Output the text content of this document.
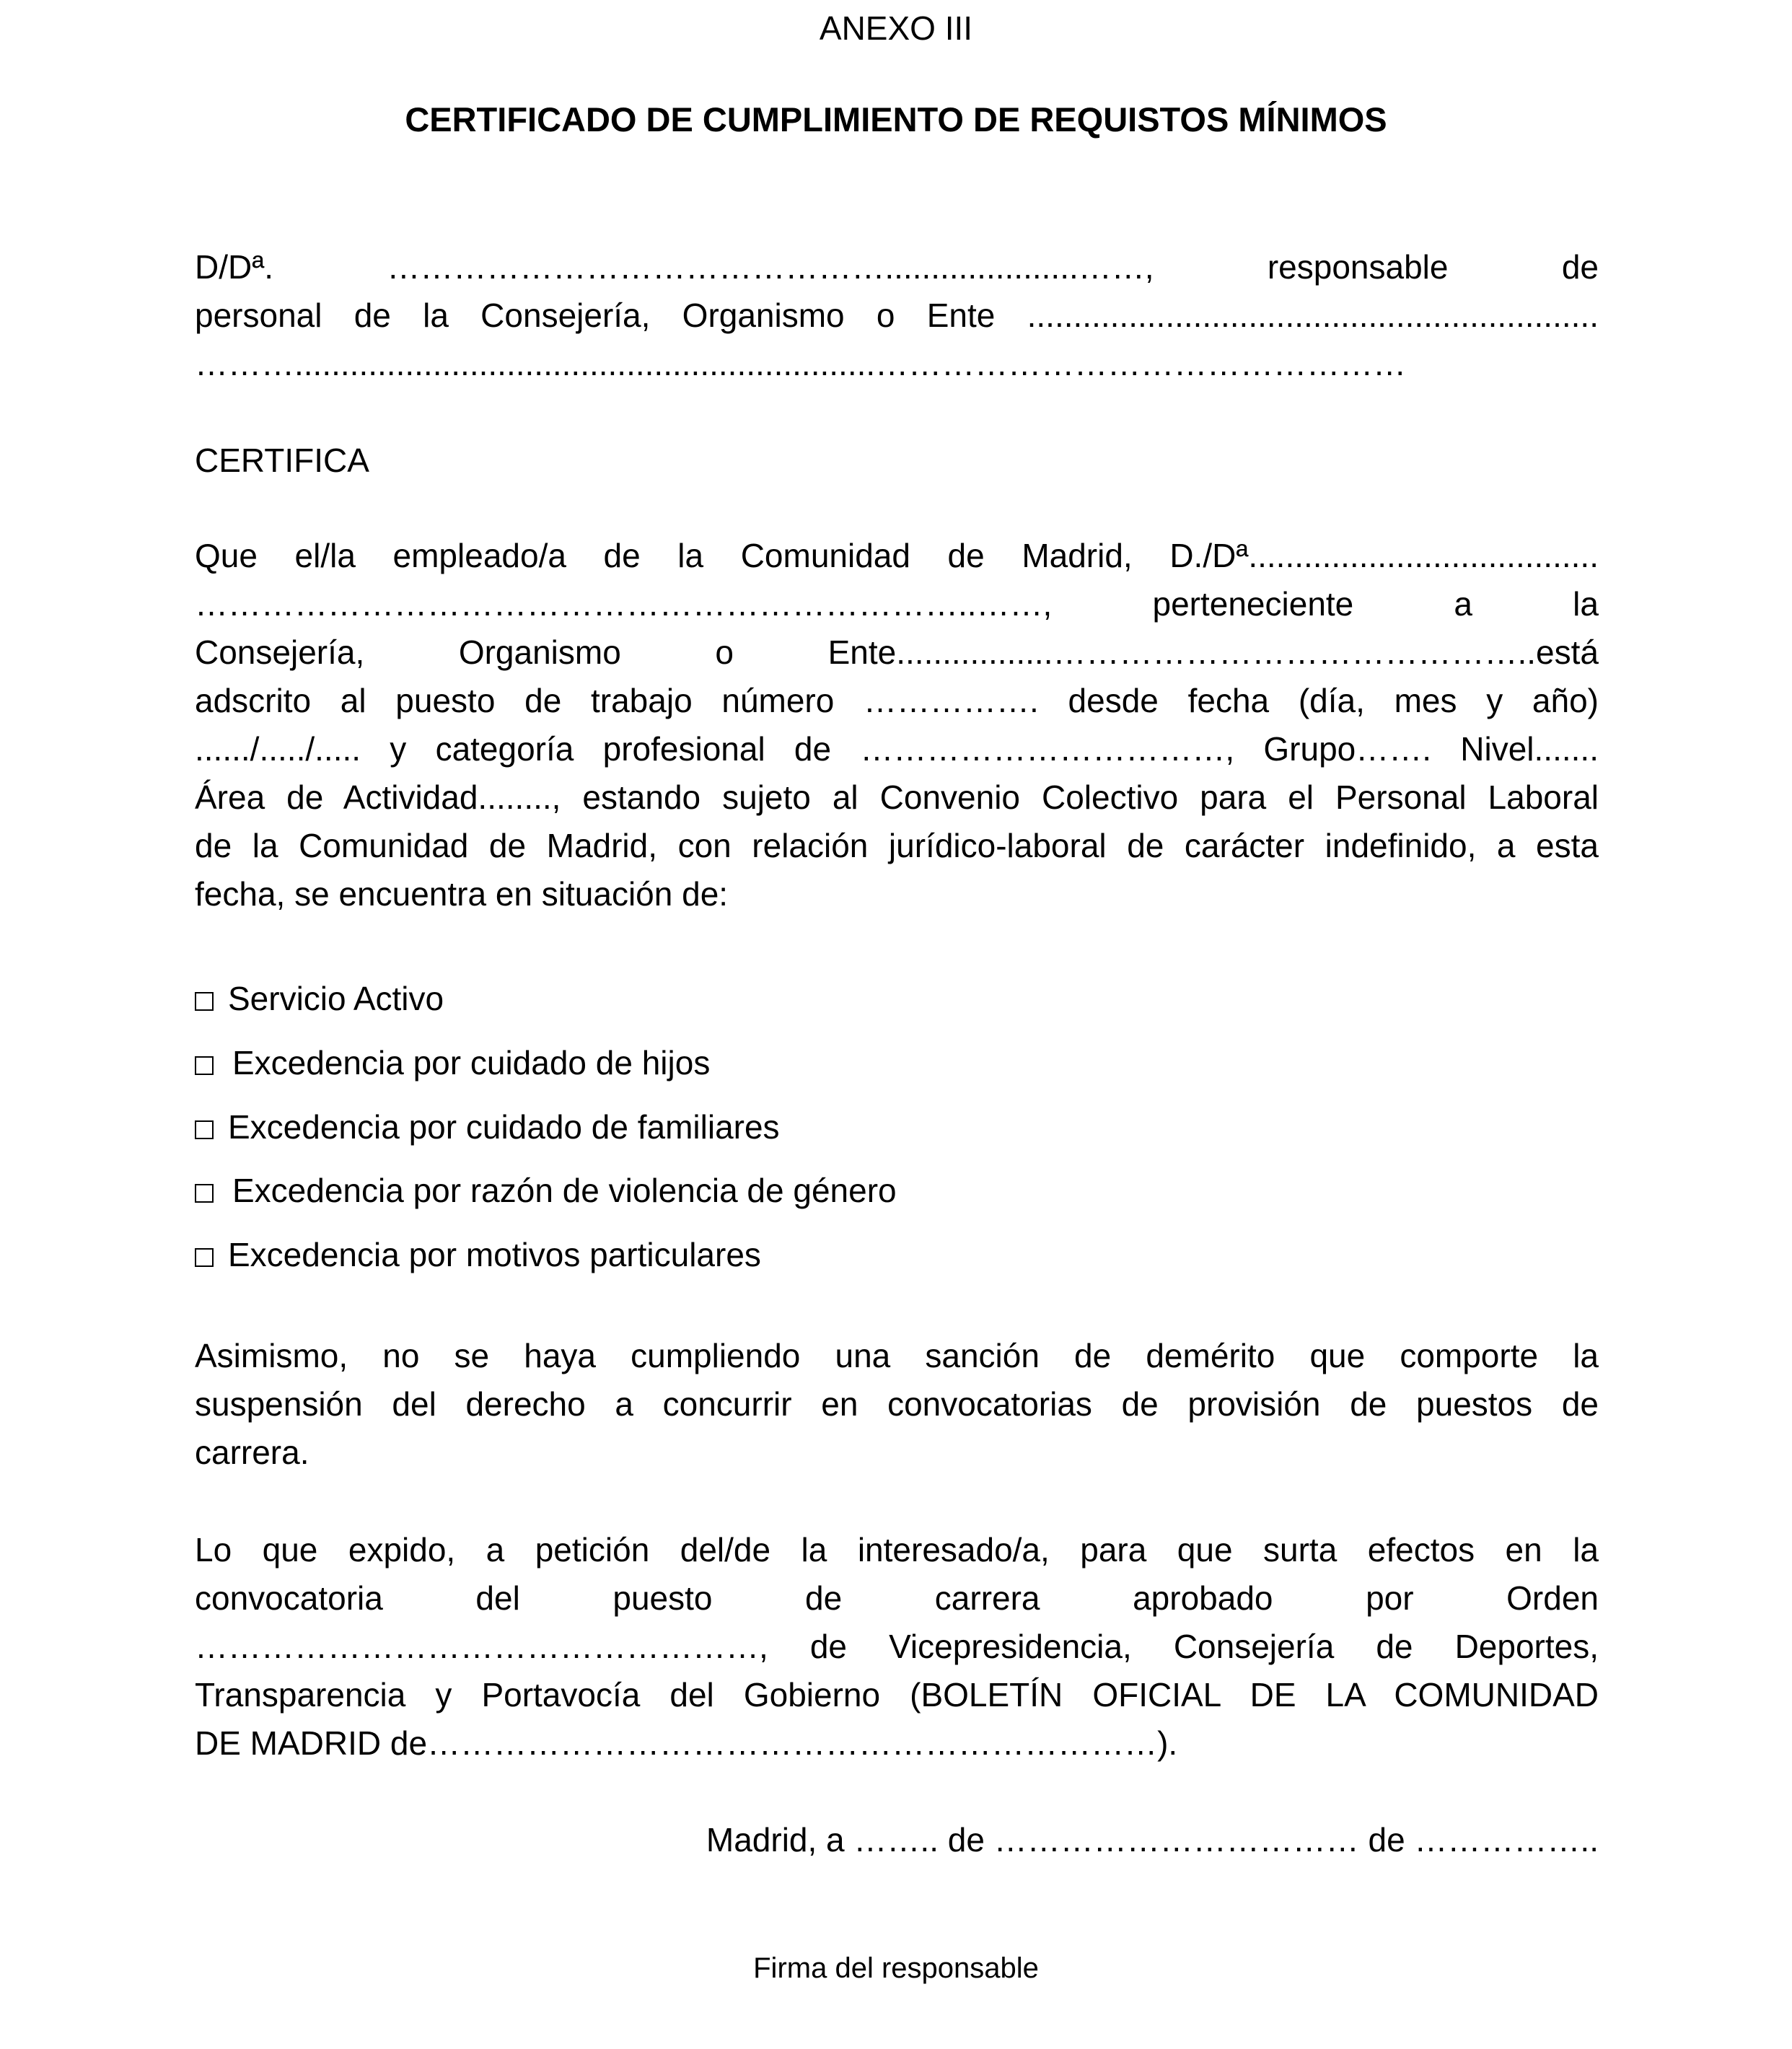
ANEXO III
CERTIFICADO DE CUMPLIMIENTO DE REQUISTOS MÍNIMOS
D/Dª. ……………………………………….....................……, responsable de
personal de la Consejería, Organismo o Ente ..............................................................
………...............................................................…………………………………………
CERTIFICA
Que el/la empleado/a de la Comunidad de Madrid, D./Dª......................................
……………………………………………………………..……, perteneciente a la
Consejería, Organismo o Ente.................……………………………………..está
adscrito al puesto de trabajo número ……………. desde fecha (día, mes y año)
....../...../..... y categoría profesional de ……………………………, Grupo……. Nivel.......
Área de Actividad........, estando sujeto al Convenio Colectivo para el Personal Laboral
de la Comunidad de Madrid, con relación jurídico-laboral de carácter indefinido, a esta
fecha, se encuentra en situación de:
Servicio Activo
Excedencia por cuidado de hijos
Excedencia por cuidado de familiares
Excedencia por razón de violencia de género
Excedencia por motivos particulares
Asimismo, no se haya cumpliendo una sanción de demérito que comporte la
suspensión del derecho a concurrir en convocatorias de provisión de puestos de
carrera.
Lo que expido, a petición del/de la interesado/a, para que surta efectos en la
convocatoria del puesto de carrera aprobado por Orden
……………………………………………, de Vicepresidencia, Consejería de Deportes,
Transparencia y Portavocía del Gobierno (BOLETÍN OFICIAL DE LA COMUNIDAD
DE MADRID de…………………………………………………………).
Madrid, a …….. de …………………………… de ……………..
Firma del responsable
